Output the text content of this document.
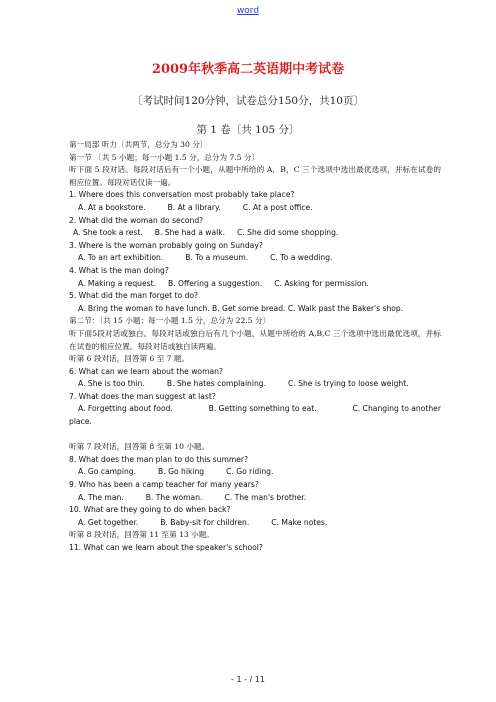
word
2009年秋季高二英语期中考试卷
〔考试时间120分钟，试卷总分150分，共10页〕
第 1 卷〔共 105 分〕
第一局部 听力〔共两节，总分为 30 分〕
第一节 〔共 5 小题；每一小题 1.5 分，总分为 7.5 分〕
听下面 5 段对话。每段对话后有一个小题，从题中所给的 A，B，C 三个选项中选出最优选项，并标在试卷的相应位置。每段对话仅读一遍。
1. Where does this conversation most probably take place?
A. At a bookstore.	B. At a library.	C. At a post office.
2. What did the woman do second?
A. She took a rest. B. She had a walk. C. She did some shopping.
3. Where is the woman probably going on Sunday?
A. To an art exhibition.	B. To a museum.	C. To a wedding.
4. What is the man doing?
A. Making a request. B. Offering a suggestion. C. Asking for permission.
5. What did the man forget to do?
A. Bring the woman to have lunch. B. Get some bread. C. Walk past the Baker's shop.
第二节：〔共 15 小题；每一小题 1.5 分，总分为 22.5 分〕
听下面5段对话或独白。每段对话或独白后有几个小题，从题中所给的 A,B,C 三个选项中选出最优选项，并标在试卷的相应位置。每段对话或独白读两遍。
听第 6 段对话，回答第 6 至 7 题。
6. What can we learn about the woman?
A. She is too thin.	B. She hates complaining.	C. She is trying to loose weight.
7. What does the man suggest at last?
A. Forgetting about food.	B. Getting something to eat.	C. Changing to another
place.
听第 7 段对话，回答第 8 至第 10 小题。
8. What does the man plan to do this summer?
A. Go camping.	B. Go hiking	C. Go riding.
9. Who has been a camp teacher for many years?
A. The man.	B. The woman.	C. The man's brother.
10. What are they going to do when back?
A. Get together.	B. Baby-sit for children.	C. Make notes.
听第 8 段对话，回答第 11 至第 13 小题。
11. What can we learn about the speaker's school?
- 1 - / 11
